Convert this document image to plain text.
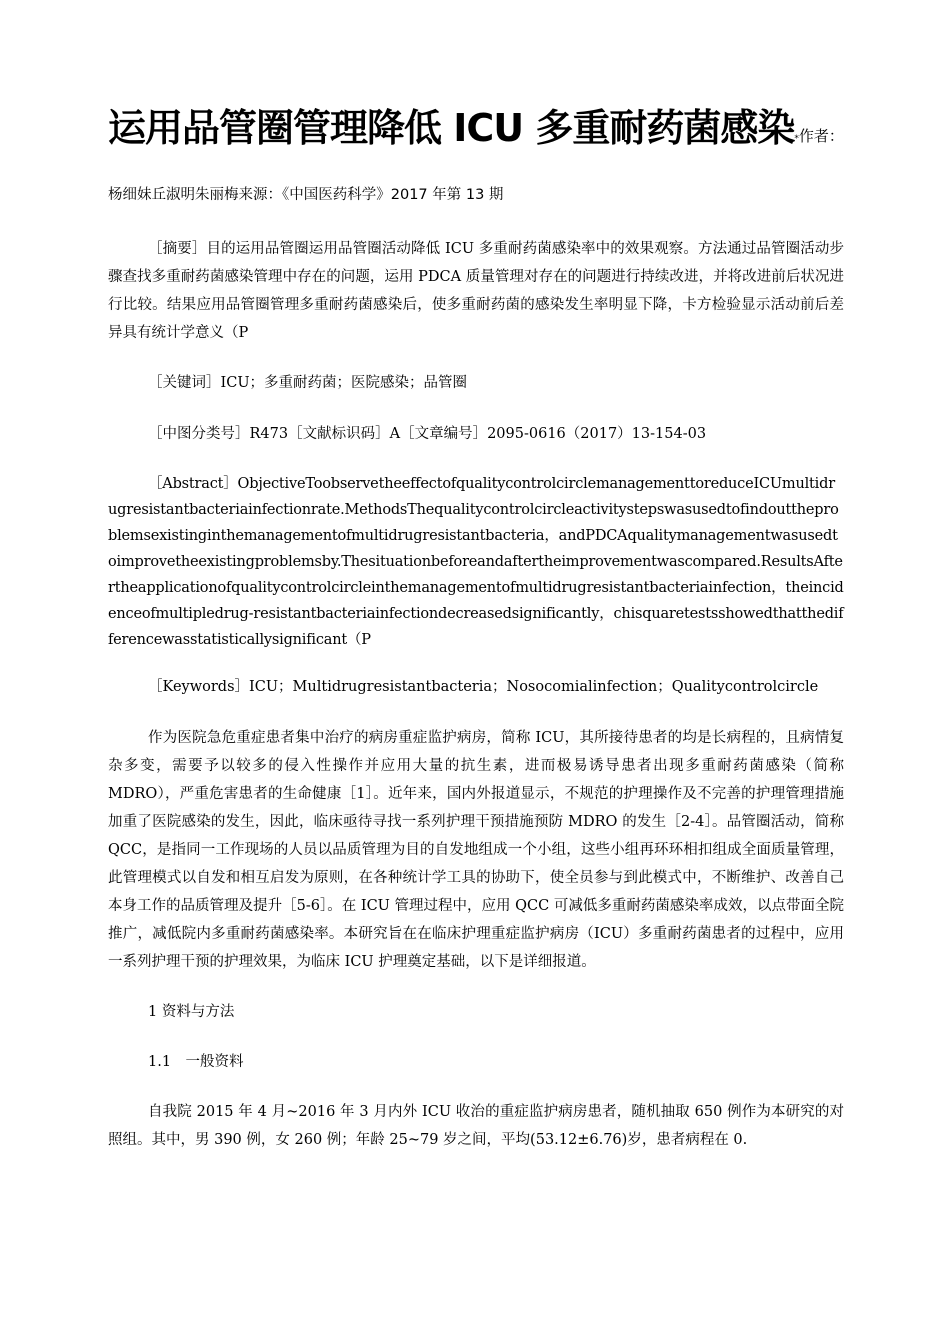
运用品管圈管理降低 ICU 多重耐药菌感染*作者：

杨细妹丘淑明朱丽梅来源：《中国医药科学》2017 年第 13 期

［摘要］目的运用品管圈运用品管圈活动降低 ICU 多重耐药菌感染率中的效果观察。方法通过品管圈活动步骤查找多重耐药菌感染管理中存在的问题，运用 PDCA 质量管理对存在的问题进行持续改进，并将改进前后状况进行比较。结果应用品管圈管理多重耐药菌感染后，使多重耐药菌的感染发生率明显下降，卡方检验显示活动前后差异具有统计学意义（P

［关键词］ICU；多重耐药菌；医院感染；品管圈

［中图分类号］R473［文献标识码］A［文章编号］2095-0616（2017）13-154-03

［Abstract］ObjectiveToobservetheeffectofqualitycontrolcirclemanagementtoreduceICUmultidrugresistantbacteriainfectionrate.MethodsThequalitycontrolcircleactivitystepswasusedtofindouttheproblemsexistinginthemanagementofmultidrugresistantbacteria，andPDCAqualitymanagementwasusedtoimprovetheexistingproblemsby.Thesituationbeforeandaftertheimprovementwascompared.ResultsAftertheapplicationofqualitycontrolcircleinthemanagementofmultidrugresistantbacteriainfection，theincidenceofmultipledrug-resistantbacteriainfectiondecreasedsignificantly，chisquaretestsshowedthatthedifferencewasstatisticallysignificant（P

［Keywords］ICU；Multidrugresistantbacteria；Nosocomialinfection；Qualitycontrolcircle

作为医院急危重症患者集中治疗的病房重症监护病房，简称 ICU，其所接待患者的均是长病程的，且病情复杂多变，需要予以较多的侵入性操作并应用大量的抗生素，进而极易诱导患者出现多重耐药菌感染（简称 MDRO），严重危害患者的生命健康［1］。近年来，国内外报道显示，不规范的护理操作及不完善的护理管理措施加重了医院感染的发生，因此，临床亟待寻找一系列护理干预措施预防 MDRO 的发生［2-4］。品管圈活动，简称 QCC，是指同一工作现场的人员以品质管理为目的自发地组成一个小组，这些小组再环环相扣组成全面质量管理，此管理模式以自发和相互启发为原则，在各种统计学工具的协助下，使全员参与到此模式中，不断维护、改善自己本身工作的品质管理及提升［5-6］。在 ICU 管理过程中，应用 QCC 可减低多重耐药菌感染率成效，以点带面全院推广，减低院内多重耐药菌感染率。本研究旨在在临床护理重症监护病房（ICU）多重耐药菌患者的过程中，应用一系列护理干预的护理效果，为临床 ICU 护理奠定基础，以下是详细报道。

1 资料与方法

1.1　一般资料

自我院 2015 年 4 月~2016 年 3 月内外 ICU 收治的重症监护病房患者，随机抽取 650 例作为本研究的对照组。其中，男 390 例，女 260 例；年龄 25~79 岁之间，平均(53.12±6.76)岁，患者病程在 0.
